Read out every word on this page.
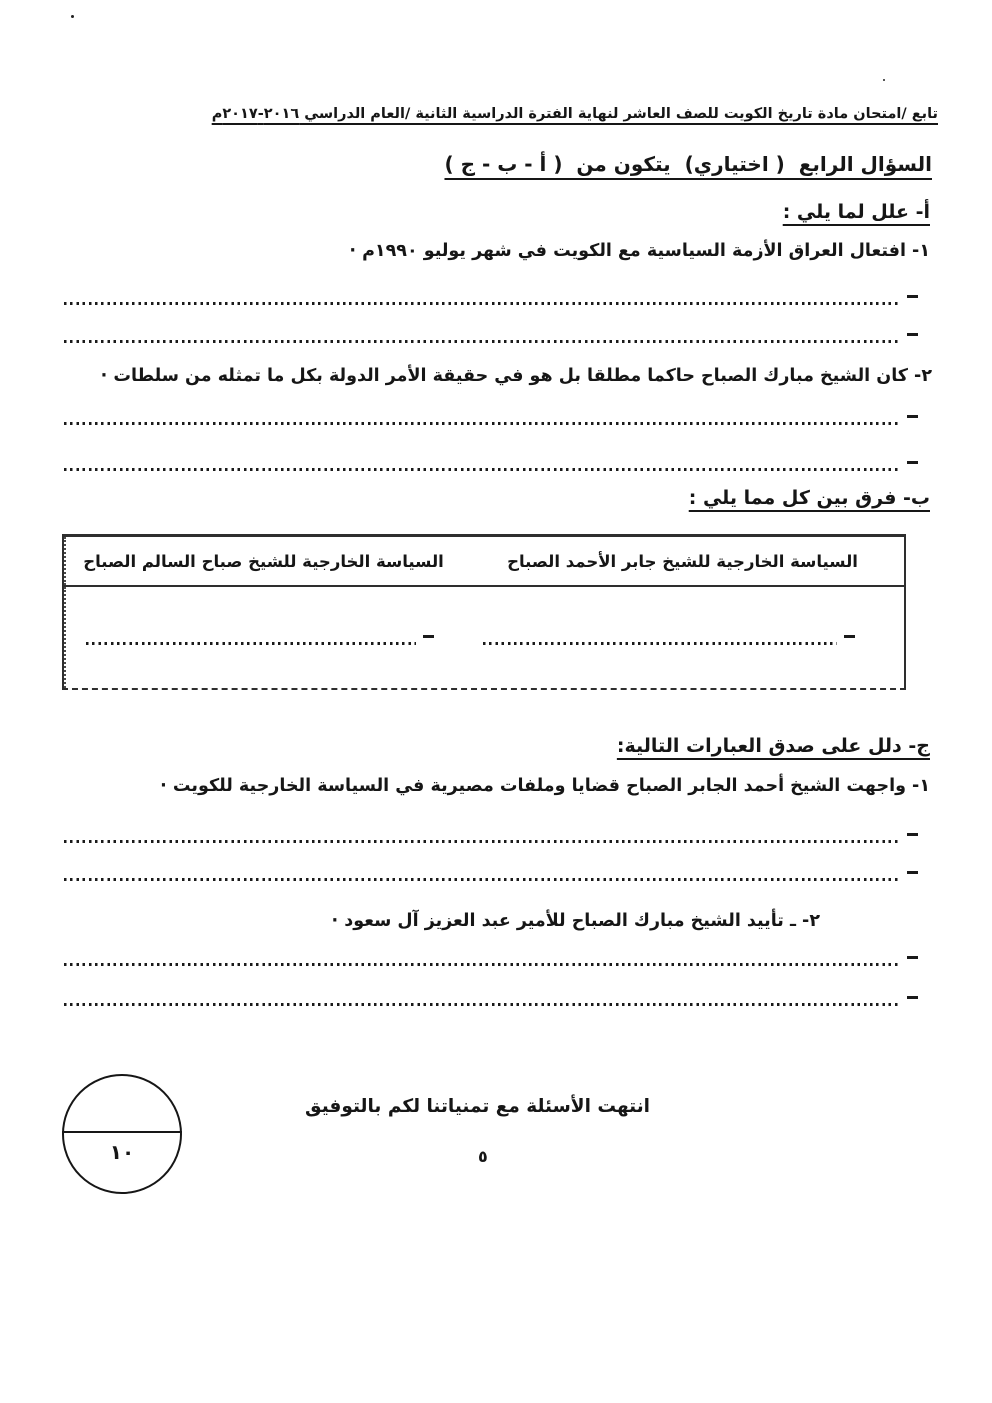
تابع /امتحان مادة تاريخ الكويت للصف العاشر لنهاية الفترة الدراسية الثانية /العام الدراسي ٢٠١٦-٢٠١٧م
السؤال الرابع  ( اختياري)  يتكون من  ( أ - ب - ج )
أ- علل لما يلي :
١- افتعال العراق الأزمة السياسية مع الكويت في شهر يوليو ١٩٩٠م ·
٢- كان الشيخ مبارك الصباح حاكما مطلقا بل هو في حقيقة الأمر الدولة بكل ما تمثله من سلطات ·
ب- فرق بين كل مما يلي :
السياسة الخارجية للشيخ جابر الأحمد الصباح
السياسة الخارجية للشيخ صباح السالم الصباح
ج- دلل على صدق العبارات التالية:
١- واجهت الشيخ أحمد الجابر الصباح قضايا وملفات مصيرية في السياسة الخارجية للكويت ·
٢- ـ تأييد الشيخ مبارك الصباح للأمير عبد العزيز آل سعود ·
١٠
انتهت الأسئلة مع تمنياتنا لكم بالتوفيق
٥
